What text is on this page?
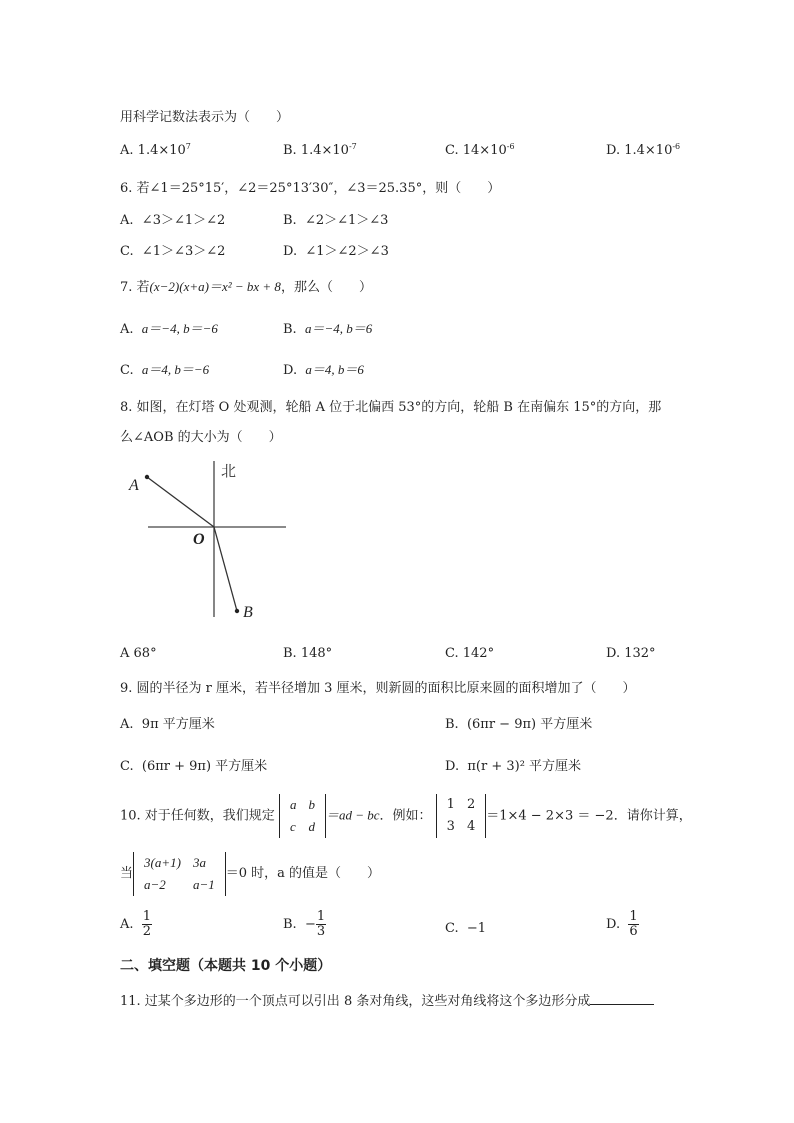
用科学记数法表示为（　　）
A. $1.4\times 10^7$	B. $1.4\times 10^{-7}$	C. $14\times 10^{-6}$	D. $1.4\times 10^{-6}$
6. 若∠1＝25°15′，∠2＝25°13′30″，∠3＝25.35°，则（　　）
A. ∠3＞∠1＞∠2	B. ∠2＞∠1＞∠3
C. ∠1＞∠3＞∠2	D. ∠1＞∠2＞∠3
7. 若(x−2)(x+a)＝x² − bx + 8，那么（　　）
A. a＝−4, b＝−6	B. a＝−4, b＝6
C. a＝4, b＝−6	D. a＝4, b＝6
8. 如图，在灯塔 O 处观测，轮船 A 位于北偏西 53°的方向，轮船 B 在南偏东 15°的方向，那
么∠AOB 的大小为（　　）
北
A
O
B
A 68°	B. 148°	C. 142°	D. 132°
9. 圆的半径为 r 厘米，若半径增加 3 厘米，则新圆的面积比原来圆的面积增加了（　　）
A. 9π 平方厘米	B. (6πr − 9π) 平方厘米
C. (6πr + 9π) 平方厘米	D. π(r + 3)² 平方厘米
10. 对于任何数，我们规定
a	b
c	d
＝ad − bc．例如：
1	2
3	4
＝1×4 − 2×3 ＝ −2．请你计算，
当
3(a+1)	3a
a−2	a−1
＝0 时，a 的值是（　　）
A. $\frac{1}{2}$	B. − $\frac{1}{3}$	C. −1	D. $\frac{1}{6}$
二、填空题（本题共 10 个小题）
11. 过某个多边形的一个顶点可以引出 8 条对角线，这些对角线将这个多边形分成
